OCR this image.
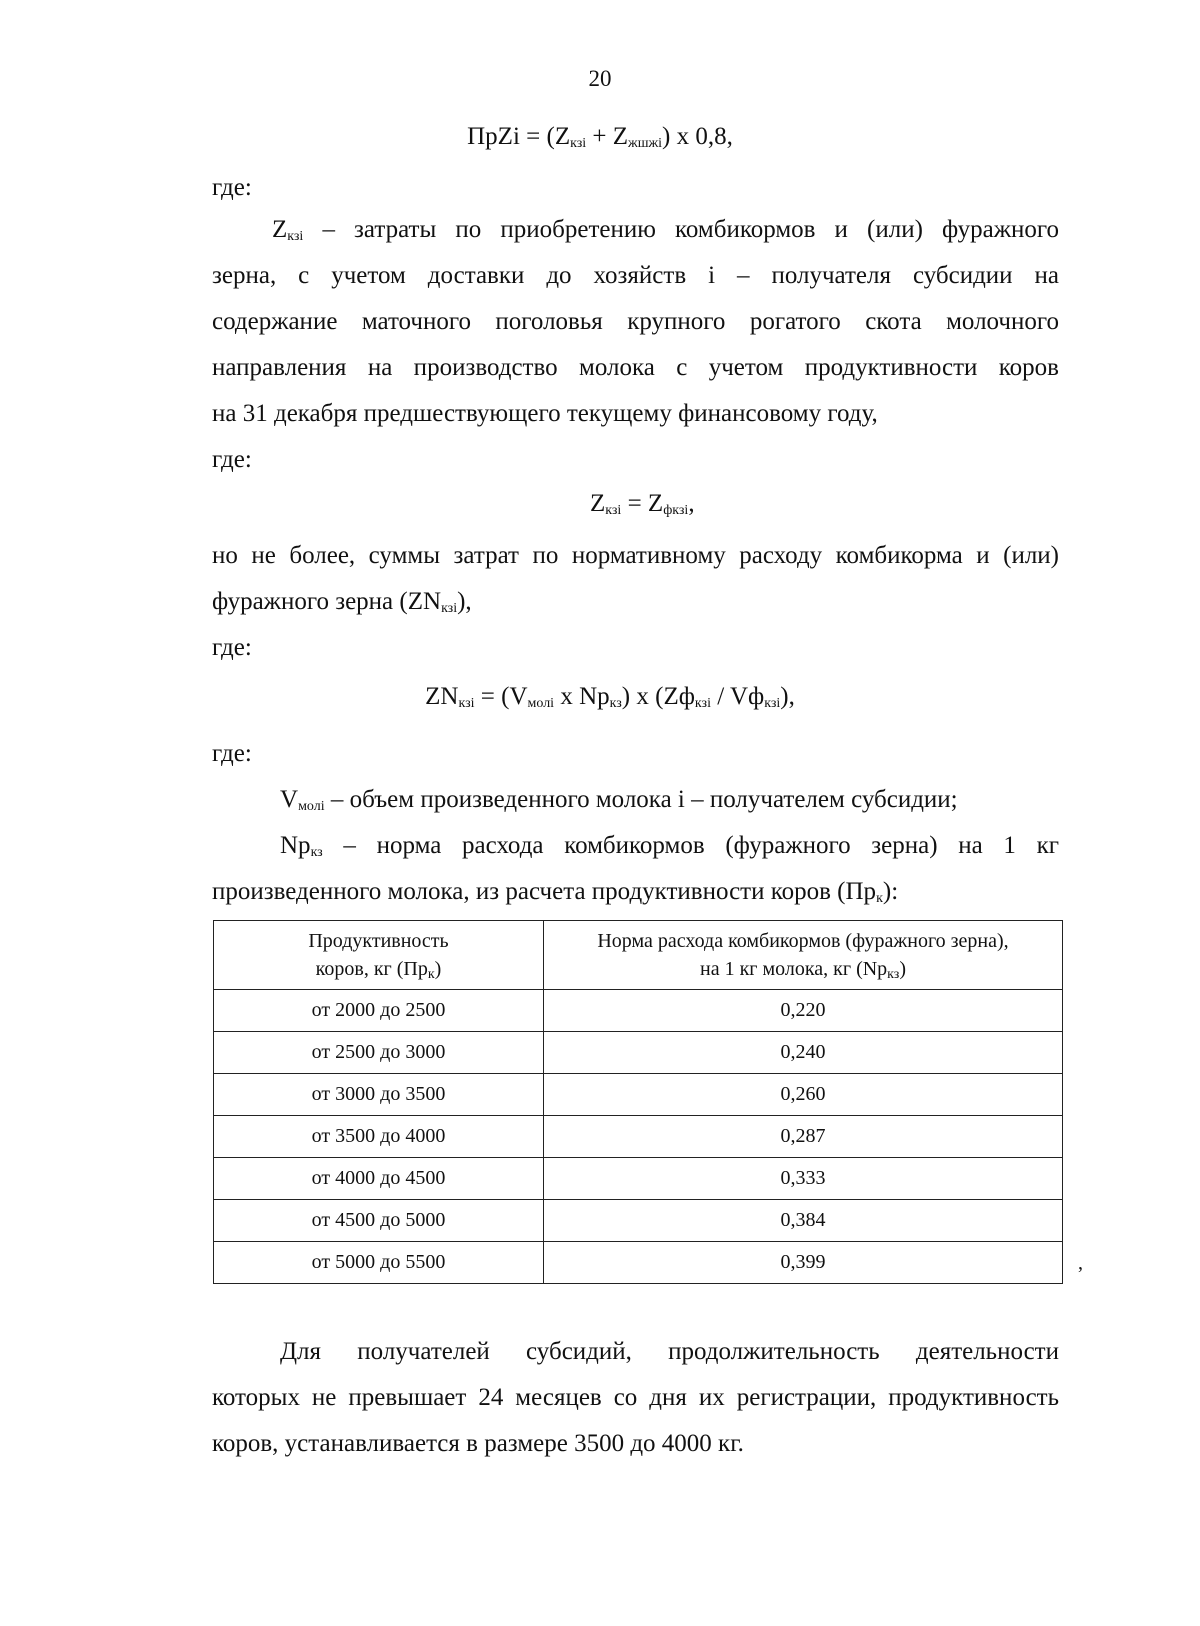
20
ПрZi = $(Z_{кзi} + Z_{жшжi})$ x 0,8,
где:
$Z_{кзi}$ – затраты по приобретению комбикормов и (или) фуражного
зерна, с учетом доставки до хозяйств i – получателя субсидии на
содержание маточного поголовья крупного рогатого скота молочного
направления на производство молока с учетом продуктивности коров
на 31 декабря предшествующего текущему финансовому году,
где:
$Z_{кзi} = Z_{фкзi}$,
но не более, суммы затрат по нормативному расходу комбикорма и (или)
фуражного зерна $(ZN_{кзi})$,
где:
$ZN_{кзi} = (V_{молi}$ x $Np_{кз}$) x $(Zф_{кзi} / Vф_{кзi})$,
где:
$V_{молi}$ – объем произведенного молока i – получателем субсидии;
$Np_{кз}$ – норма расхода комбикормов (фуражного зерна) на 1 кг
произведенного молока, из расчета продуктивности коров $(Пр_к)$:
Продуктивность
коров, кг $(Пр_к)$	Норма расхода комбикормов (фуражного зерна),
на 1 кг молока, кг $(Np_{кз})$
от 2000 до 2500	0,220
от 2500 до 3000	0,240
от 3000 до 3500	0,260
от 3500 до 4000	0,287
от 4000 до 4500	0,333
от 4500 до 5000	0,384
от 5000 до 5500	0,399	,
Для получателей субсидий, продолжительность деятельности
которых не превышает 24 месяцев со дня их регистрации, продуктивность
коров, устанавливается в размере 3500 до 4000 кг.
